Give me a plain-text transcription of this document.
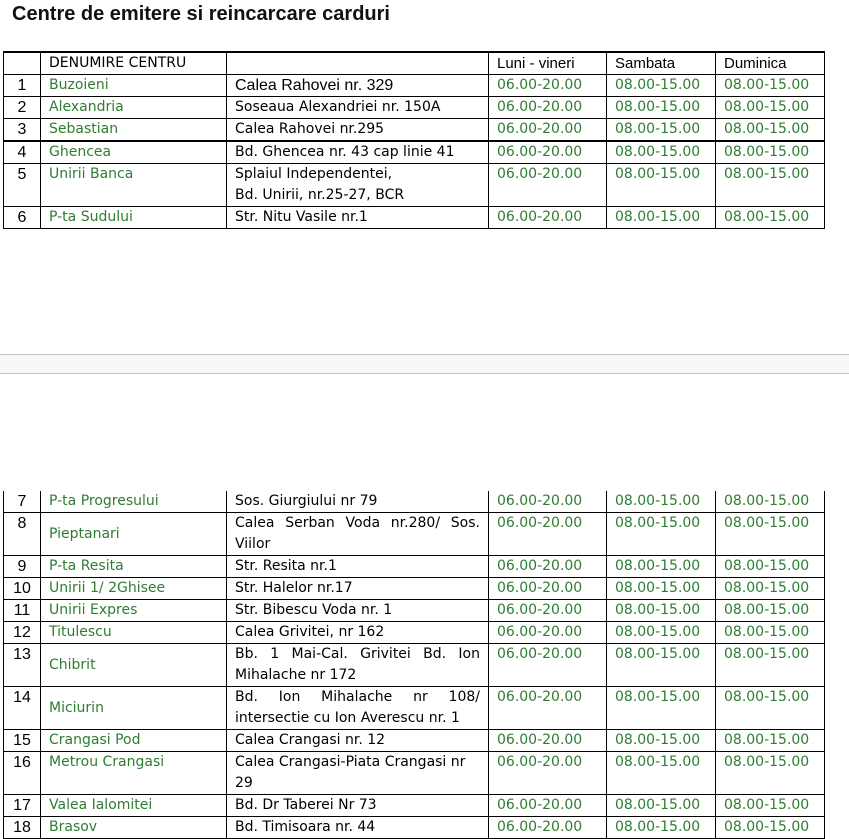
Centre de emitere si reincarcare carduri
	DENUMIRE CENTRU		Luni - vineri	Sambata	Duminica
1	Buzoieni	Calea Rahovei nr. 329	06.00-20.00	08.00-15.00	08.00-15.00
2	Alexandria	Soseaua Alexandriei nr. 150A	06.00-20.00	08.00-15.00	08.00-15.00
3	Sebastian	Calea Rahovei nr.295	06.00-20.00	08.00-15.00	08.00-15.00
4	Ghencea	Bd. Ghencea nr. 43 cap linie 41	06.00-20.00	08.00-15.00	08.00-15.00
5	Unirii Banca	Splaiul Independentei,
Bd. Unirii, nr.25-27, BCR	06.00-20.00	08.00-15.00	08.00-15.00
6	P-ta Sudului	Str. Nitu Vasile nr.1	06.00-20.00	08.00-15.00	08.00-15.00
7	P-ta Progresului	Sos. Giurgiului nr 79	06.00-20.00	08.00-15.00	08.00-15.00
8	Pieptanari	Calea Serban Voda nr.280/ Sos. Viilor	06.00-20.00	08.00-15.00	08.00-15.00
9	P-ta Resita	Str. Resita nr.1	06.00-20.00	08.00-15.00	08.00-15.00
10	Unirii 1/ 2Ghisee	Str. Halelor nr.17	06.00-20.00	08.00-15.00	08.00-15.00
11	Unirii Expres	Str. Bibescu Voda nr. 1	06.00-20.00	08.00-15.00	08.00-15.00
12	Titulescu	Calea Grivitei, nr 162	06.00-20.00	08.00-15.00	08.00-15.00
13	Chibrit	Bb. 1 Mai-Cal. Grivitei Bd. Ion Mihalache nr 172	06.00-20.00	08.00-15.00	08.00-15.00
14	Miciurin	Bd. Ion Mihalache nr 108/ intersectie cu Ion Averescu nr. 1	06.00-20.00	08.00-15.00	08.00-15.00
15	Crangasi Pod	Calea Crangasi nr. 12	06.00-20.00	08.00-15.00	08.00-15.00
16	Metrou Crangasi	Calea Crangasi-Piata Crangasi nr 29	06.00-20.00	08.00-15.00	08.00-15.00
17	Valea Ialomitei	Bd. Dr Taberei Nr 73	06.00-20.00	08.00-15.00	08.00-15.00
18	Brasov	Bd. Timisoara nr. 44	06.00-20.00	08.00-15.00	08.00-15.00
